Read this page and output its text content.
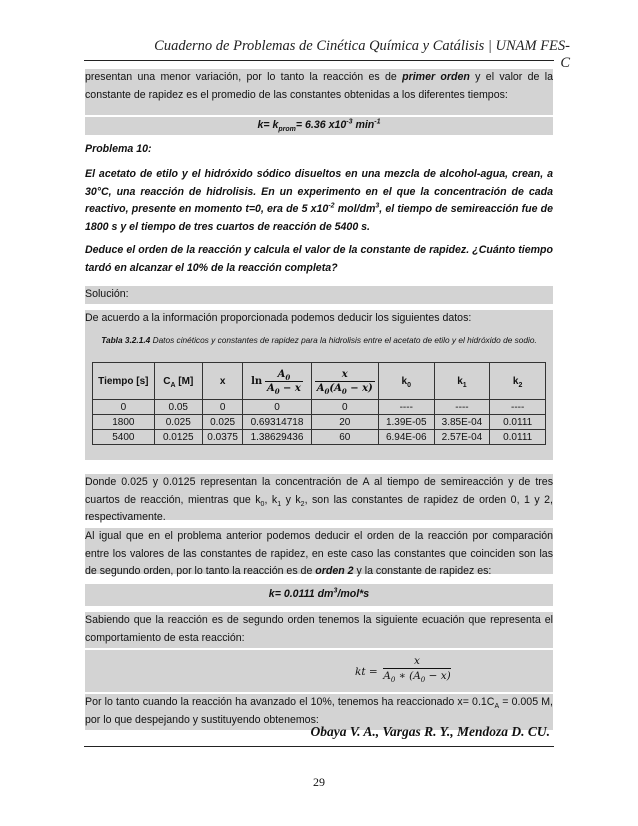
Cuaderno de Problemas de Cinética Química y Catálisis | UNAM FES-C
presentan una menor variación, por lo tanto la reacción es de primer orden y el valor de la constante de rapidez es el promedio de las constantes obtenidas a los diferentes tiempos:
$k= k_{prom}= 6.36$ $x10^{-3}$ $\min^{-1}$
Problema 10:
El acetato de etilo y el hidróxido sódico disueltos en una mezcla de alcohol-agua, crean, a 30°C, una reacción de hidrolisis. En un experimento en el que la concentración de cada reactivo, presente en momento t=0, era de 5 $x10^{-2}$ mol/$dm^3$, el tiempo de semireacción fue de 1800 s y el tiempo de tres cuartos de reacción de 5400 s.
Deduce el orden de la reacción y calcula el valor de la constante de rapidez. ¿Cuánto tiempo tardó en alcanzar el 10% de la reacción completa?
Solución:
De acuerdo a la información proporcionada podemos deducir los siguientes datos:
Tabla 3.2.1.4 Datos cinéticos y constantes de rapidez para la hidrolisis entre el acetato de etilo y el hidróxido de sodio.
Tiempo [s]	$C_A$ [M]	x	$\ln \frac{A_0}{A_0 - x}$	$\frac{x}{A_0(A_0 - x)}$	$k_0$	$k_1$	$k_2$
0	0.05	0	0	0	----	----	----
1800	0.025	0.025	0.69314718	20	1.39E-05	3.85E-04	0.0111
5400	0.0125	0.0375	1.38629436	60	6.94E-06	2.57E-04	0.0111
Donde 0.025 y 0.0125 representan la concentración de A al tiempo de semireacción y de tres cuartos de reacción, mientras que $k_0$, $k_1$ y $k_2$, son las constantes de rapidez de orden 0, 1 y 2, respectivamente.
Al igual que en el problema anterior podemos deducir el orden de la reacción por comparación entre los valores de las constantes de rapidez, en este caso las constantes que coinciden son las de segundo orden, por lo tanto la reacción es de orden 2 y la constante de rapidez es:
k= 0.0111 $dm^3/mol*s$
Sabiendo que la reacción es de segundo orden tenemos la siguiente ecuación que representa el comportamiento de esta reacción:
kt = $\frac{x}{A_0 ∗ (A_0 - x)}$
Por lo tanto cuando la reacción ha avanzado el 10%, tenemos ha reaccionado $x= 0.1C_A = 0.005$ M, por lo que despejando y sustituyendo obtenemos:
Obaya V. A., Vargas R. Y., Mendoza D. CU.
29
